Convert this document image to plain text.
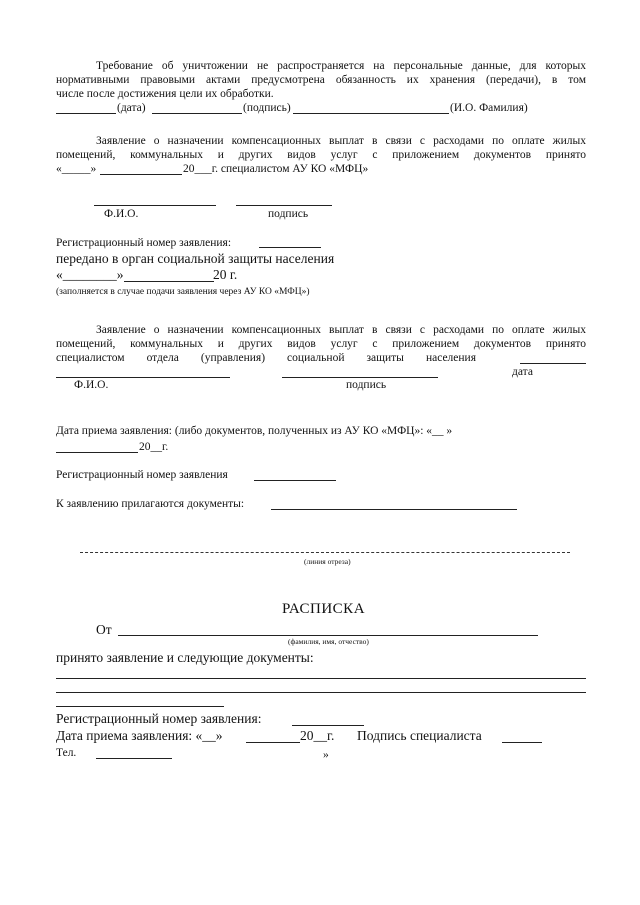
Требование об уничтожении не распространяется на персональные данные, для которых
нормативными правовыми актами предусмотрена обязанность их хранения (передачи), в том
числе после достижения цели их обработки.
(дата)	(подпись)	(И.О. Фамилия)
Заявление о назначении компенсационных выплат в связи с расходами по оплате жилых
помещений, коммунальных и других видов услуг с приложением документов принято
«_____»	20___г. специалистом АУ КО «МФЦ»
Ф.И.О.	подпись
Регистрационный номер заявления:
передано в орган социальной защиты населения
«________»	20 г.
(заполняется в случае подачи заявления через АУ КО «МФЦ»)
Заявление о назначении компенсационных выплат в связи с расходами по оплате жилых
помещений, коммунальных и других видов услуг с приложением документов принято
специалистом отдела (управления) социальной защиты населения
дата
Ф.И.О.	подпись
Дата приема заявления: (либо документов, полученных из АУ КО «МФЦ»: «__ »
20__г.
Регистрационный номер заявления
К заявлению прилагаются документы:
(линия отреза)
РАСПИСКА
От
(фамилия, имя, отчество)
принято заявление и следующие документы:
Регистрационный номер заявления:
Дата приема заявления: «__»	20__г. Подпись специалиста
Тел.	»
